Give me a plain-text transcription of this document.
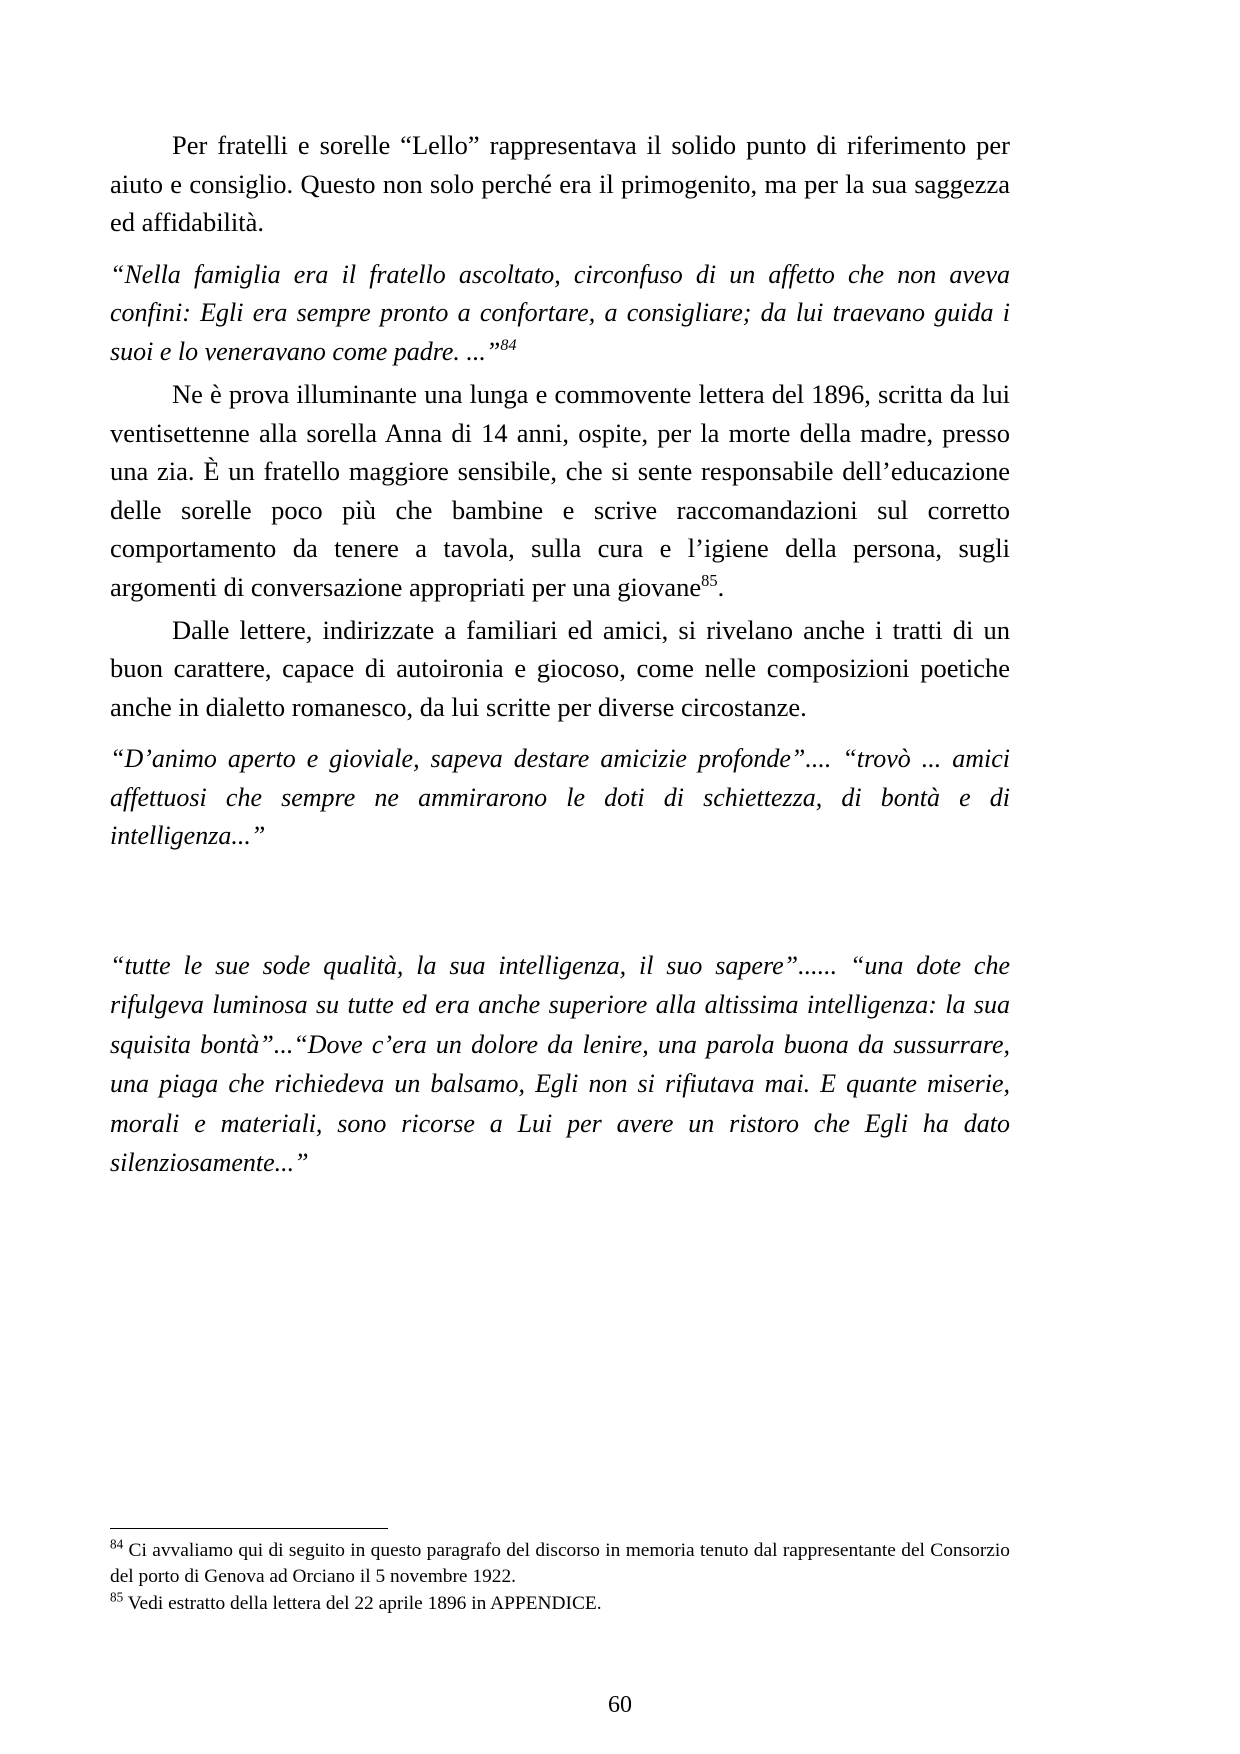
Per fratelli e sorelle “Lello” rappresentava il solido punto di riferimento per aiuto e consiglio. Questo non solo perché era il primogenito, ma per la sua saggezza ed affidabilità.

“Nella famiglia era il fratello ascoltato, circonfuso di un affetto che non aveva confini: Egli era sempre pronto a confortare, a consigliare; da lui traevano guida i suoi e lo veneravano come padre. ...”$^{84}$

Ne è prova illuminante una lunga e commovente lettera del 1896, scritta da lui ventisettenne alla sorella Anna di 14 anni, ospite, per la morte della madre, presso una zia. È un fratello maggiore sensibile, che si sente responsabile dell’educazione delle sorelle poco più che bambine e scrive raccomandazioni sul corretto comportamento da tenere a tavola, sulla cura e l’igiene della persona, sugli argomenti di conversazione appropriati per una giovane$^{85}$.

Dalle lettere, indirizzate a familiari ed amici, si rivelano anche i tratti di un buon carattere, capace di autoironia e giocoso, come nelle composizioni poetiche anche in dialetto romanesco, da lui scritte per diverse circostanze.

“D’animo aperto e gioviale, sapeva destare amicizie profonde”.... “trovò ... amici affettuosi che sempre ne ammirarono le doti di schiettezza, di bontà e di intelligenza...”

“tutte le sue sode qualità, la sua intelligenza, il suo sapere”...... “una dote che rifulgeva luminosa su tutte ed era anche superiore alla altissima intelligenza: la sua squisita bontà”...“Dove c’era un dolore da lenire, una parola buona da sussurrare, una piaga che richiedeva un balsamo, Egli non si rifiutava mai. E quante miserie, morali e materiali, sono ricorse a Lui per avere un ristoro che Egli ha dato silenziosamente...”

$^{84}$ Ci avvaliamo qui di seguito in questo paragrafo del discorso in memoria tenuto dal rappresentante del Consorzio del porto di Genova ad Orciano il 5 novembre 1922.

$^{85}$ Vedi estratto della lettera del 22 aprile 1896 in APPENDICE.

60
